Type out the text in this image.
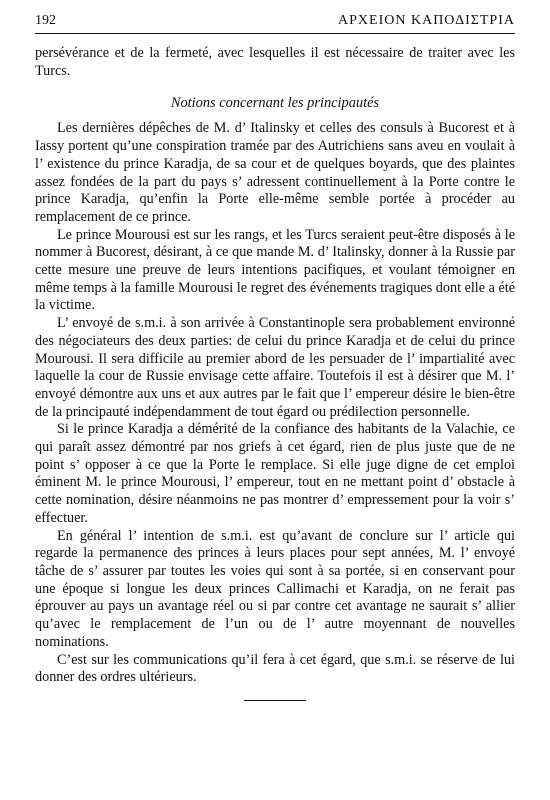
192	ΑΡΧΕΙΟΝ ΚΑΠΟΔΙΣΤΡΙΑ

persévérance et de la fermeté, avec lesquelles il est nécessaire de traiter avec les Turcs.

Notions concernant les principautés

Les dernières dépêches de M. d’ Italinsky et celles des consuls à Bucorest et à Iassy portent qu’une conspiration tramée par des Autrichiens sans aveu en voulait à l’ existence du prince Karadja, de sa cour et de quelques boyards, que des plaintes assez fondées de la part du pays s’ adressent continuellement à la Porte contre le prince Karadja, qu’enfin la Porte elle-même semble portée à procéder au remplacement de ce prince.

Le prince Mourousi est sur les rangs, et les Turcs seraient peut-être disposés à le nommer à Bucorest, désirant, à ce que mande M. d’ Italinsky, donner à la Russie par cette mesure une preuve de leurs intentions pacifiques, et voulant témoigner en même temps à la famille Mourousi le regret des événements tragiques dont elle a été la victime.

L’ envoyé de s.m.i. à son arrivée à Constantinople sera probablement environné des négociateurs des deux parties: de celui du prince Karadja et de celui du prince Mourousi. Il sera difficile au premier abord de les persuader de l’ impartialité avec laquelle la cour de Russie envisage cette affaire. Toutefois il est à désirer que M. l’ envoyé démontre aux uns et aux autres par le fait que l’ empereur désire le bien-être de la principauté indépendamment de tout égard ou prédilection personnelle.

Si le prince Karadja a démérité de la confiance des habitants de la Valachie, ce qui paraît assez démontré par nos griefs à cet égard, rien de plus juste que de ne point s’ opposer à ce que la Porte le remplace. Si elle juge digne de cet emploi éminent M. le prince Mourousi, l’ empereur, tout en ne mettant point d’ obstacle à cette nomination, désire néanmoins ne pas montrer d’ empressement pour la voir s’ effectuer.

En général l’ intention de s.m.i. est qu’avant de conclure sur l’ article qui regarde la permanence des princes à leurs places pour sept années, M. l’ envoyé tâche de s’ assurer par toutes les voies qui sont à sa portée, si en conservant pour une époque si longue les deux princes Callimachi et Karadja, on ne ferait pas éprouver au pays un avantage réel ou si par contre cet avantage ne saurait s’ allier qu’avec le remplacement de l’un ou de l’ autre moyennant de nouvelles nominations.

C’est sur les communications qu’il fera à cet égard, que s.m.i. se réserve de lui donner des ordres ultérieurs.
